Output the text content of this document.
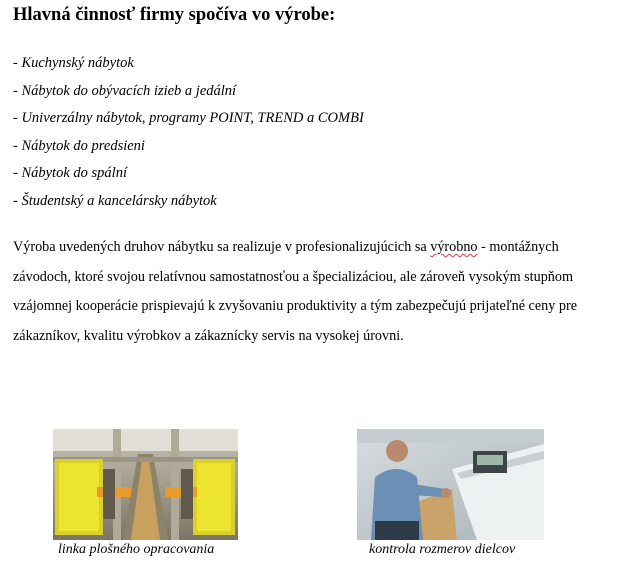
Hlavná činnosť firmy spočíva vo výrobe:
- Kuchynský nábytok
- Nábytok do obývacích izieb a jedální
- Univerzálny nábytok, programy POINT, TREND a COMBI
- Nábytok do predsieni
- Nábytok do spální
- Študentský a kancelársky nábytok

Výroba uvedených druhov nábytku sa realizuje v profesionalizujúcich sa výrobno - montážnych závodoch, ktoré svojou relatívnou samostatnosťou a špecializáciou, ale zároveň vysokým stupňom vzájomnej kooperácie prispievajú k zvyšovaniu produktivity a tým zabezpečujú prijateľné ceny pre zákazníkov, kvalitu výrobkov a zákaznícky servis na vysokej úrovni.

linka plošného opracovania	kontrola rozmerov dielcov
